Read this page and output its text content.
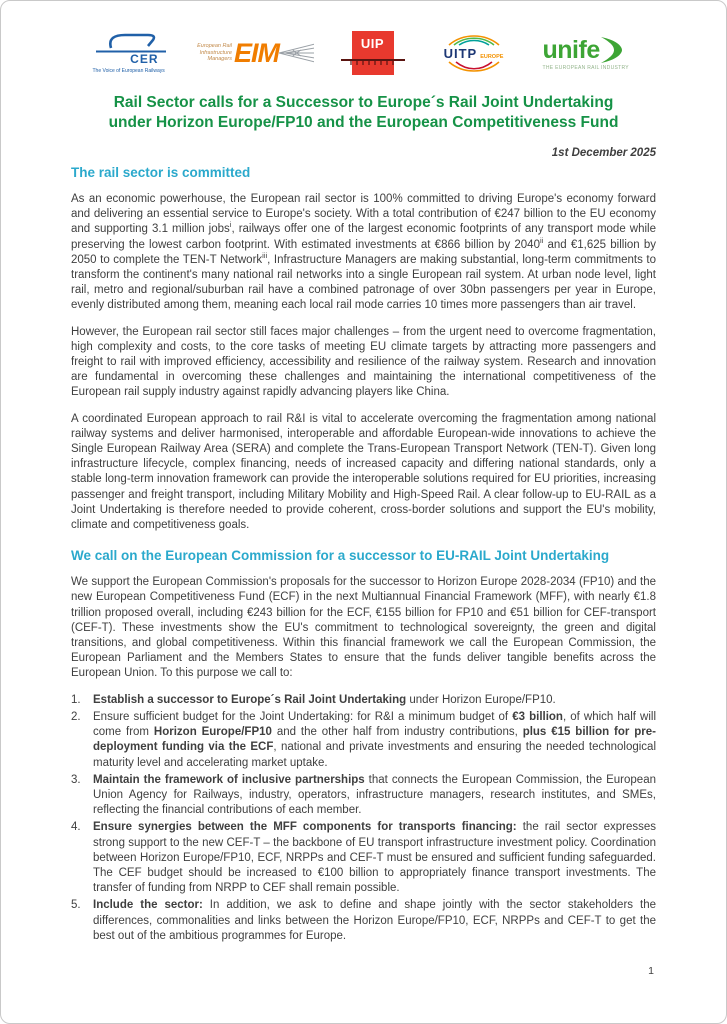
CER
The Voice of European Railways
European Rail Infrastructure Managers EIM	UIP
UITP EUROPE unife
THE EUROPEAN RAIL INDUSTRY
Rail Sector calls for a Successor to Europe´s Rail Joint Undertaking
under Horizon Europe/FP10 and the European Competitiveness Fund
1st December 2025
The rail sector is committed

As an economic powerhouse, the European rail sector is 100% committed to driving Europe's economy forward and delivering an essential service to Europe's society. With a total contribution of €247 billion to the EU economy and supporting 3.1 million jobs$^i$, railways offer one of the largest economic footprints of any transport mode while preserving the lowest carbon footprint. With estimated investments at €866 billion by 2040$^{ii}$ and €1,625 billion by 2050 to complete the TEN-T Network$^{iii}$, Infrastructure Managers are making substantial, long-term commitments to transform the continent's many national rail networks into a single European rail system. At urban node level, light rail, metro and regional/suburban rail have a combined patronage of over 30bn passengers per year in Europe, evenly distributed among them, meaning each local rail mode carries 10 times more passengers than air travel.

However, the European rail sector still faces major challenges – from the urgent need to overcome fragmentation, high complexity and costs, to the core tasks of meeting EU climate targets by attracting more passengers and freight to rail with improved efficiency, accessibility and resilience of the railway system. Research and innovation are fundamental in overcoming these challenges and maintaining the international competitiveness of the European rail supply industry against rapidly advancing players like China.

A coordinated European approach to rail R&I is vital to accelerate overcoming the fragmentation among national railway systems and deliver harmonised, interoperable and affordable European-wide innovations to achieve the Single European Railway Area (SERA) and complete the Trans-European Transport Network (TEN-T). Given long infrastructure lifecycle, complex financing, needs of increased capacity and differing national standards, only a stable long-term innovation framework can provide the interoperable solutions required for EU priorities, increasing passenger and freight transport, including Military Mobility and High-Speed Rail. A clear follow-up to EU-RAIL as a Joint Undertaking is therefore needed to provide coherent, cross-border solutions and support the EU's mobility, climate and competitiveness goals.

We call on the European Commission for a successor to EU-RAIL Joint Undertaking

We support the European Commission's proposals for the successor to Horizon Europe 2028-2034 (FP10) and the new European Competitiveness Fund (ECF) in the next Multiannual Financial Framework (MFF), with nearly €1.8 trillion proposed overall, including €243 billion for the ECF, €155 billion for FP10 and €51 billion for CEF-transport (CEF-T). These investments show the EU's commitment to technological sovereignty, the green and digital transitions, and global competitiveness. Within this financial framework we call the European Commission, the European Parliament and the Members States to ensure that the funds deliver tangible benefits across the European Union. To this purpose we call to:

1.	Establish a successor to Europe´s Rail Joint Undertaking under Horizon Europe/FP10.
2.	Ensure sufficient budget for the Joint Undertaking: for R&I a minimum budget of €3 billion, of which half will come from Horizon Europe/FP10 and the other half from industry contributions, plus €15 billion for pre-deployment funding via the ECF, national and private investments and ensuring the needed technological maturity level and accelerating market uptake.
3.	Maintain the framework of inclusive partnerships that connects the European Commission, the European Union Agency for Railways, industry, operators, infrastructure managers, research institutes, and SMEs, reflecting the financial contributions of each member.
4.	Ensure synergies between the MFF components for transports financing: the rail sector expresses strong support to the new CEF-T – the backbone of EU transport infrastructure investment policy. Coordination between Horizon Europe/FP10, ECF, NRPPs and CEF-T must be ensured and sufficient funding safeguarded. The CEF budget should be increased to €100 billion to appropriately finance transport investments. The transfer of funding from NRPP to CEF shall remain possible.
5.	Include the sector: In addition, we ask to define and shape jointly with the sector stakeholders the differences, commonalities and links between the Horizon Europe/FP10, ECF, NRPPs and CEF-T to get the best out of the ambitious programmes for Europe.
1
